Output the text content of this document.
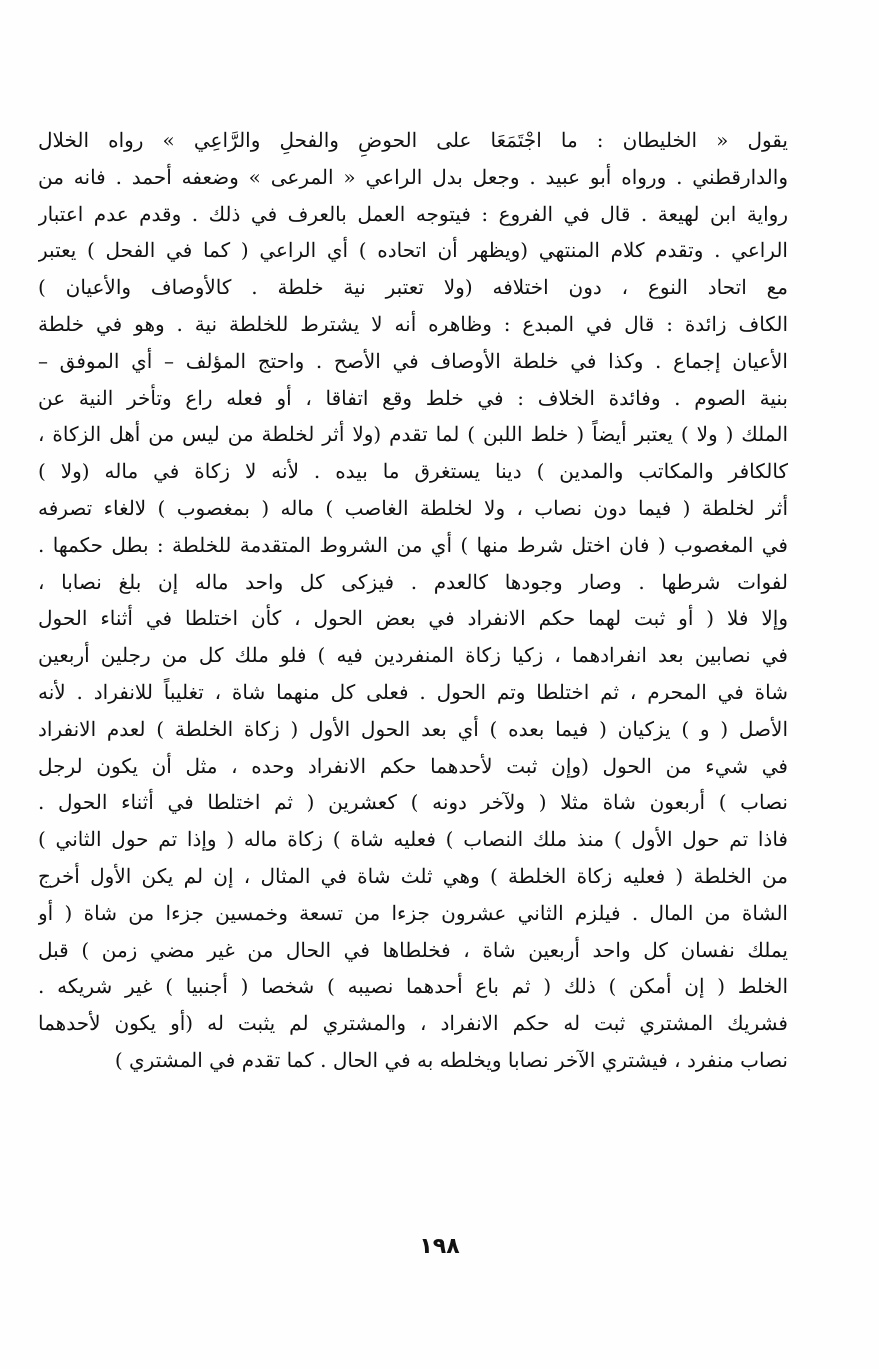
يقول « الخليطان : ما اجْتَمَعَا على الحوضِ والفحلِ والرَّاعِي » رواه الخلال
والدارقطني . ورواه أبو عبيد . وجعل بدل الراعي « المرعى » وضعفه أحمد . فانه من
رواية ابن لهيعة . قال في الفروع : فيتوجه العمل بالعرف في ذلك . وقدم عدم اعتبار
الراعي . وتقدم كلام المنتهي (ويظهر أن اتحاده ) أي الراعي ( كما في الفحل ) يعتبر
مع اتحاد النوع ، دون اختلافه (ولا تعتبر نية خلطة . كالأوصاف والأعيان )
الكاف زائدة : قال في المبدع : وظاهره أنه لا يشترط للخلطة نية . وهو في خلطة
الأعيان إجماع . وكذا في خلطة الأوصاف في الأصح . واحتج المؤلف – أي الموفق –
بنية الصوم . وفائدة الخلاف : في خلط وقع اتفاقا ، أو فعله راع وتأخر النية عن
الملك ( ولا ) يعتبر أيضاً ( خلط اللبن ) لما تقدم (ولا أثر لخلطة من ليس من أهل الزكاة ،
كالكافر والمكاتب والمدين ) دينا يستغرق ما بيده . لأنه لا زكاة في ماله (ولا )
أثر لخلطة ( فيما دون نصاب ، ولا لخلطة الغاصب ) ماله ( بمغصوب ) لالغاء تصرفه
في المغصوب ( فان اختل شرط منها ) أي من الشروط المتقدمة للخلطة : بطل حكمها .
لفوات شرطها . وصار وجودها كالعدم . فيزكى كل واحد ماله إن بلغ نصابا ،
وإلا فلا ( أو ثبت لهما حكم الانفراد في بعض الحول ، كأن اختلطا في أثناء الحول
في نصابين بعد انفرادهما ، زكيا زكاة المنفردين فيه ) فلو ملك كل من رجلين أربعين
شاة في المحرم ، ثم اختلطا وتم الحول . فعلى كل منهما شاة ، تغليباً للانفراد . لأنه
الأصل ( و ) يزكيان ( فيما بعده ) أي بعد الحول الأول ( زكاة الخلطة ) لعدم الانفراد
في شيء من الحول (وإن ثبت لأحدهما حكم الانفراد وحده ، مثل أن يكون لرجل
نصاب ) أربعون شاة مثلا ( ولآخر دونه ) كعشرين ( ثم اختلطا في أثناء الحول .
فاذا تم حول الأول ) منذ ملك النصاب ) فعليه شاة ) زكاة ماله ( وإذا تم حول الثاني )
من الخلطة ( فعليه زكاة الخلطة ) وهي ثلث شاة في المثال ، إن لم يكن الأول أخرج
الشاة من المال . فيلزم الثاني عشرون جزءا من تسعة وخمسين جزءا من شاة ( أو
يملك نفسان كل واحد أربعين شاة ، فخلطاها في الحال من غير مضي زمن ) قبل
الخلط ( إن أمكن ) ذلك ( ثم باع أحدهما نصيبه ) شخصا ( أجنبيا ) غير شريكه .
فشريك المشتري ثبت له حكم الانفراد ، والمشتري لم يثبت له (أو يكون لأحدهما
نصاب منفرد ، فيشتري الآخر نصابا ويخلطه به في الحال . كما تقدم في المشتري )
١٩٨
